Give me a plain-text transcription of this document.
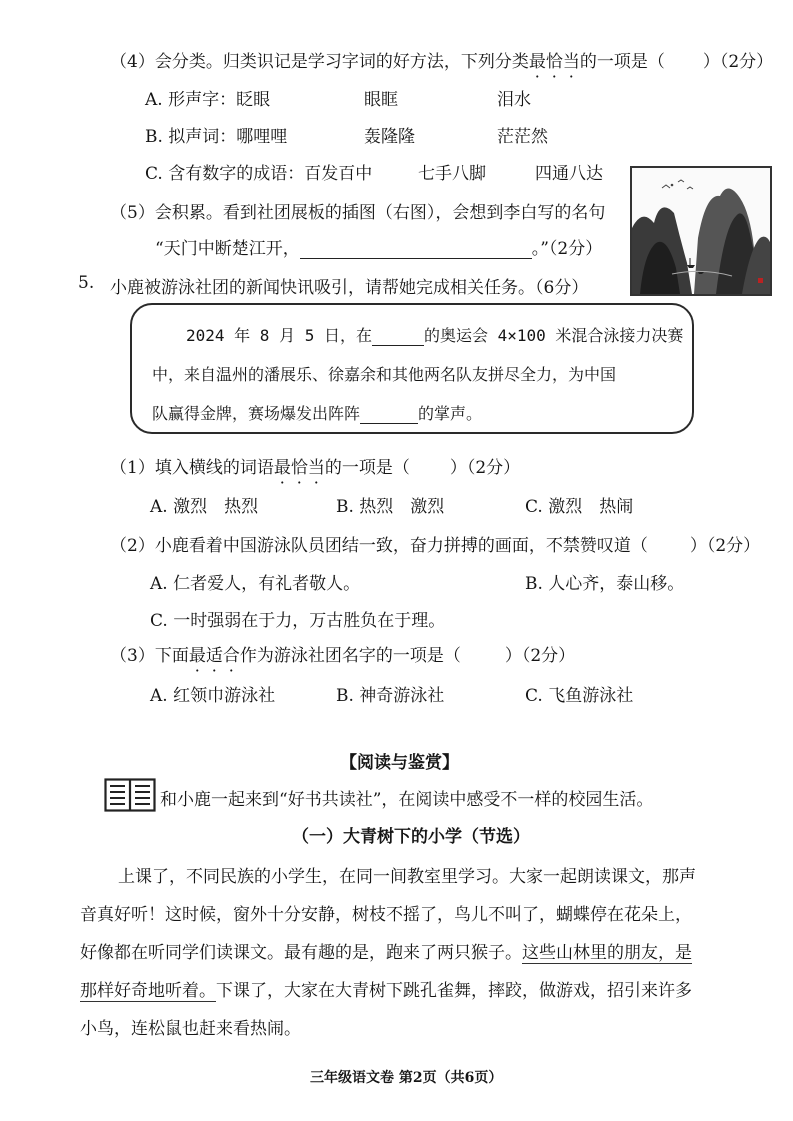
（4）会分类。归类识记是学习字词的好方法，下列分类最恰当的一项是（ ）（2分）
A. 形声字：眨眼	眼眶	泪水
B. 拟声词：哪哩哩	轰隆隆	茫茫然
C. 含有数字的成语：百发百中	七手八脚	四通八达
（5）会积累。看到社团展板的插图（右图），会想到李白写的名句
“天门中断楚江开，	。”（2分）
5. 小鹿被游泳社团的新闻快讯吸引，请帮她完成相关任务。（6分）
2024 年 8 月 5 日，在	的奥运会 4×100 米混合泳接力决赛
中，来自温州的潘展乐、徐嘉余和其他两名队友拼尽全力，为中国
队赢得金牌，赛场爆发出阵阵	的掌声。
（1）填入横线的词语最恰当的一项是（ ）（2分）
A. 激烈　热烈	B. 热烈　激烈	C. 激烈　热闹
（2）小鹿看着中国游泳队员团结一致，奋力拼搏的画面，不禁赞叹道（ ）（2分）
A. 仁者爱人，有礼者敬人。	B. 人心齐，泰山移。
C. 一时强弱在于力，万古胜负在于理。
（3）下面最适合作为游泳社团名字的一项是（	）（2分）
A. 红领巾游泳社	B. 神奇游泳社	C. 飞鱼游泳社
【阅读与鉴赏】
和小鹿一起来到“好书共读社”，在阅读中感受不一样的校园生活。
（一）大青树下的小学（节选）
上课了，不同民族的小学生，在同一间教室里学习。大家一起朗读课文，那声
音真好听！这时候，窗外十分安静，树枝不摇了，鸟儿不叫了，蝴蝶停在花朵上，
好像都在听同学们读课文。最有趣的是，跑来了两只猴子。这些山林里的朋友，是
那样好奇地听着。下课了，大家在大青树下跳孔雀舞，摔跤，做游戏，招引来许多
小鸟，连松鼠也赶来看热闹。
三年级语文卷 第2页（共6页）
